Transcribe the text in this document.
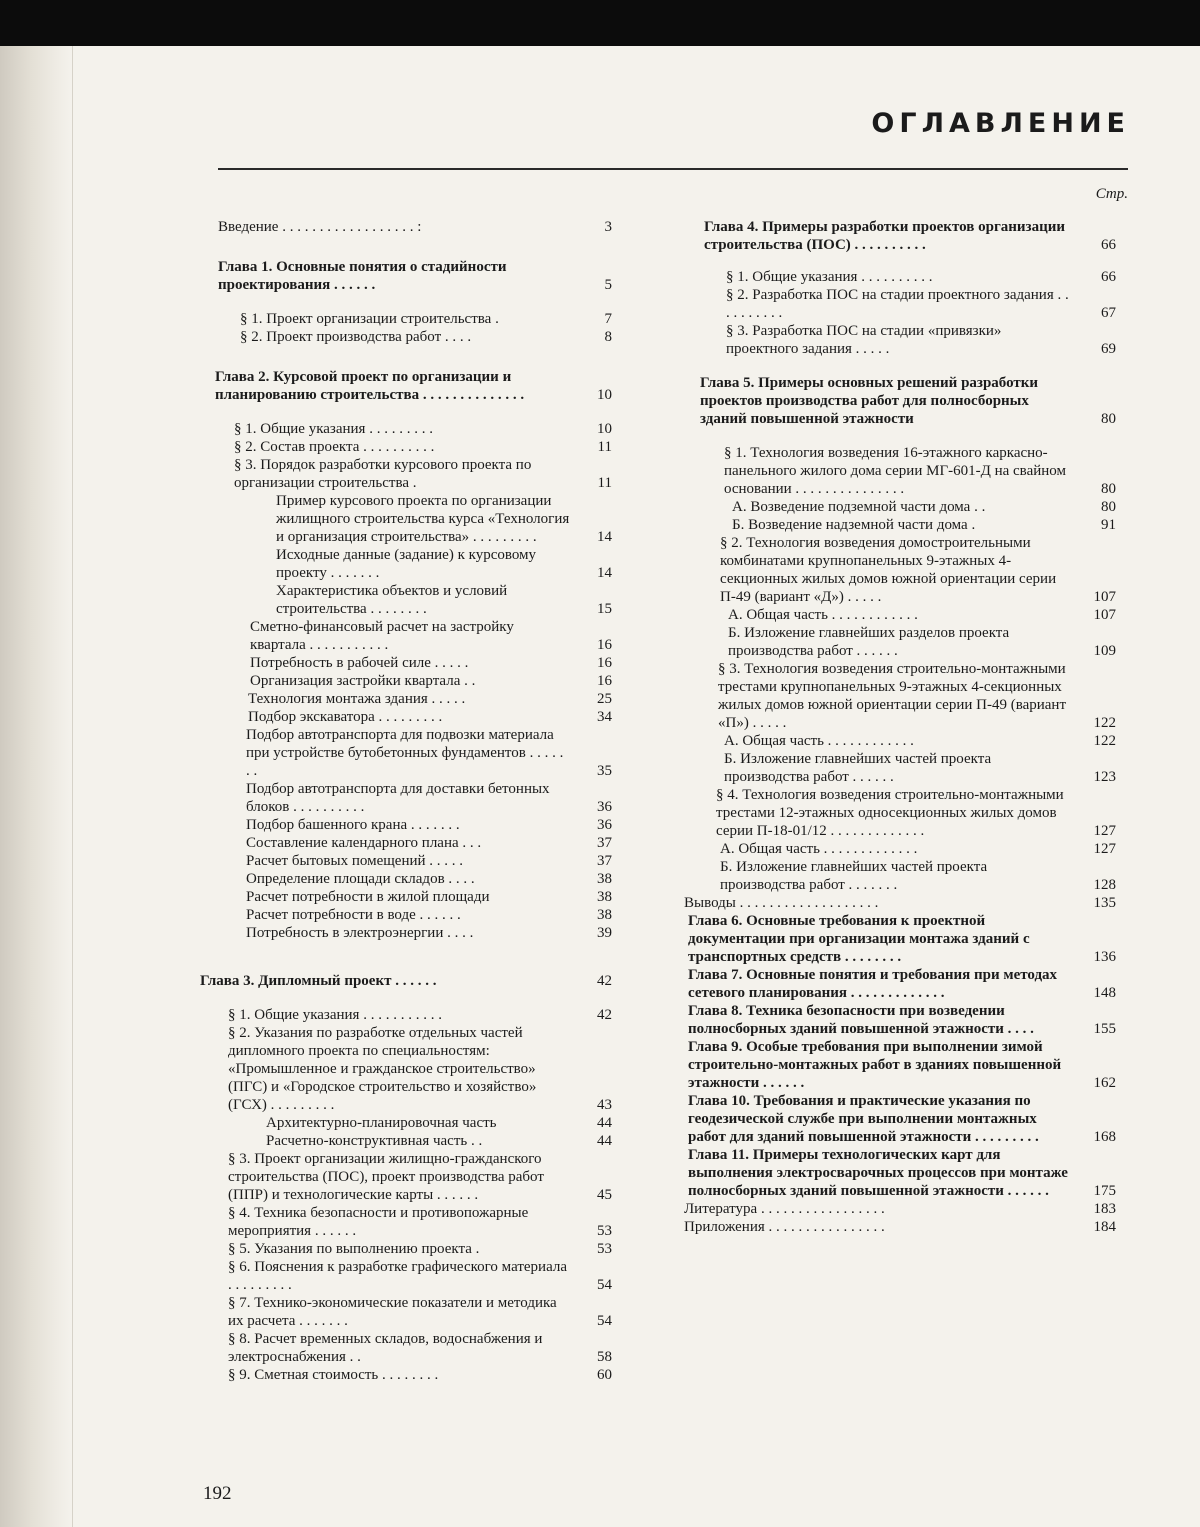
ОГЛАВЛЕНИЕ
Стр.
Введение . . . . . . . . . . . . . . . . . . :	3
Глава 1. Основные понятия о стадийности проектирования . . . . . .	5
§ 1. Проект организации строительства .	7
§ 2. Проект производства работ . . . .	8
Глава 2. Курсовой проект по организации и планированию строительства . . . . . . . . . . . . . .	10
§ 1. Общие указания . . . . . . . . .	10
§ 2. Состав проекта . . . . . . . . . .	11
§ 3. Порядок разработки курсового проекта по организации строительства .	11
Пример курсового проекта по организации жилищного строительства курса «Технология и организация строительства» . . . . . . . . .	14
Исходные данные (задание) к курсовому проекту . . . . . . .	14
Характеристика объектов и условий строительства . . . . . . . .	15
Сметно-финансовый расчет на застройку квартала . . . . . . . . . . .	16
Потребность в рабочей силе . . . . .	16
Организация застройки квартала . .	16
Технология монтажа здания . . . . .	25
Подбор экскаватора . . . . . . . . .	34
Подбор автотранспорта для подвозки материала при устройстве бутобетонных фундаментов . . . . . . .	35
Подбор автотранспорта для доставки бетонных блоков . . . . . . . . . .	36
Подбор башенного крана . . . . . . .	36
Составление календарного плана . . .	37
Расчет бытовых помещений . . . . .	37
Определение площади складов . . . .	38
Расчет потребности в жилой площади	38
Расчет потребности в воде . . . . . .	38
Потребность в электроэнергии . . . .	39
Глава 3. Дипломный проект . . . . . .	42
§ 1. Общие указания . . . . . . . . . . .	42
§ 2. Указания по разработке отдельных частей дипломного проекта по специальностям: «Промышленное и гражданское строительство» (ПГС) и «Городское строительство и хозяйство» (ГСХ) . . . . . . . . .	43
Архитектурно-планировочная часть	44
Расчетно-конструктивная часть . .	44
§ 3. Проект организации жилищно-гражданского строительства (ПОС), проект производства работ (ППР) и технологические карты . . . . . .	45
§ 4. Техника безопасности и противопожарные мероприятия . . . . . .	53
§ 5. Указания по выполнению проекта .	53
§ 6. Пояснения к разработке графического материала . . . . . . . . .	54
§ 7. Технико-экономические показатели и методика их расчета . . . . . . .	54
§ 8. Расчет временных складов, водоснабжения и электроснабжения . .	58
§ 9. Сметная стоимость . . . . . . . .	60
Глава 4. Примеры разработки проектов организации строительства (ПОС) . . . . . . . . . .	66
§ 1. Общие указания . . . . . . . . . .	66
§ 2. Разработка ПОС на стадии проектного задания . . . . . . . . . .	67
§ 3. Разработка ПОС на стадии «привязки» проектного задания . . . . .	69
Глава 5. Примеры основных решений разработки проектов производства работ для полносборных зданий повышенной этажности	80
§ 1. Технология возведения 16-этажного каркасно-панельного жилого дома серии МГ-601-Д на свайном основании . . . . . . . . . . . . . . .	80
А. Возведение подземной части дома . .	80
Б. Возведение надземной части дома .	91
§ 2. Технология возведения домостроительными комбинатами крупнопанельных 9-этажных 4-секционных жилых домов южной ориентации серии П-49 (вариант «Д») . . . . .	107
А. Общая часть . . . . . . . . . . . .	107
Б. Изложение главнейших разделов проекта производства работ . . . . . .	109
§ 3. Технология возведения строительно-монтажными трестами крупнопанельных 9-этажных 4-секционных жилых домов южной ориентации серии П-49 (вариант «П») . . . . .	122
А. Общая часть . . . . . . . . . . . .	122
Б. Изложение главнейших частей проекта производства работ . . . . . .	123
§ 4. Технология возведения строительно-монтажными трестами 12-этажных односекционных жилых домов серии П-18-01/12 . . . . . . . . . . . . .	127
А. Общая часть . . . . . . . . . . . . .	127
Б. Изложение главнейших частей проекта производства работ . . . . . . .	128
Выводы . . . . . . . . . . . . . . . . . . .	135
Глава 6. Основные требования к проектной документации при организации монтажа зданий с транспортных средств . . . . . . . .	136
Глава 7. Основные понятия и требования при методах сетевого планирования . . . . . . . . . . . . .	148
Глава 8. Техника безопасности при возведении полносборных зданий повышенной этажности . . . .	155
Глава 9. Особые требования при выполнении зимой строительно-монтажных работ в зданиях повышенной этажности . . . . . .	162
Глава 10. Требования и практические указания по геодезической службе при выполнении монтажных работ для зданий повышенной этажности . . . . . . . . .	168
Глава 11. Примеры технологических карт для выполнения электросварочных процессов при монтаже полносборных зданий повышенной этажности . . . . . .	175
Литература . . . . . . . . . . . . . . . . .	183
Приложения . . . . . . . . . . . . . . . .	184
192
